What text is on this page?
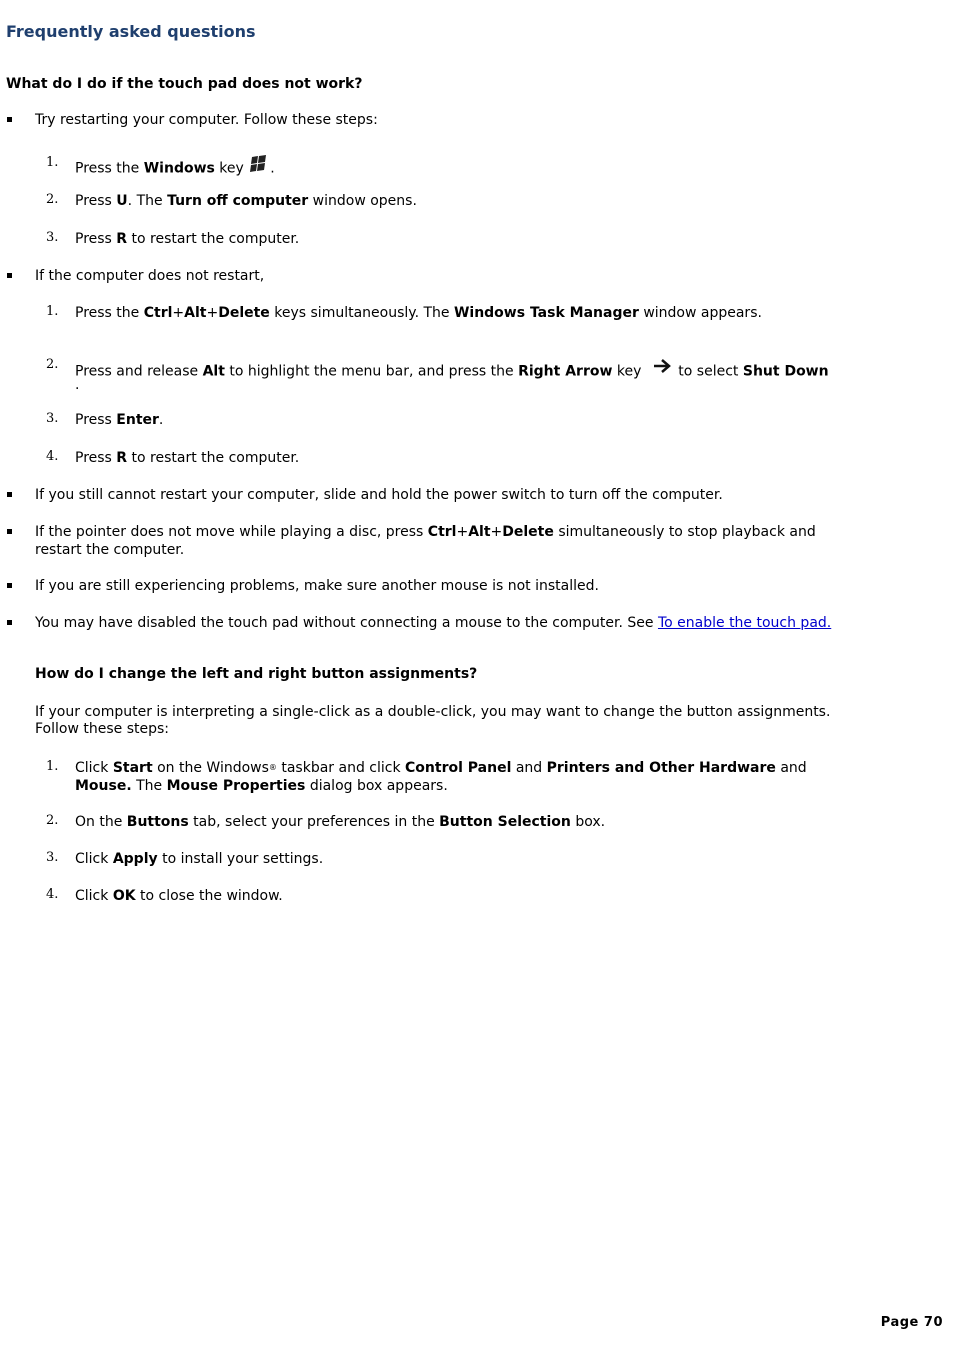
Frequently asked questions
What do I do if the touch pad does not work?
Try restarting your computer. Follow these steps:
1. Press the Windows key .
2. Press U. The Turn off computer window opens.
3. Press R to restart the computer.
If the computer does not restart,
1. Press the Ctrl+Alt+Delete keys simultaneously. The Windows Task Manager window appears.
2. Press and release Alt to highlight the menu bar, and press the Right Arrow key  to select Shut Down
.
3. Press Enter.
4. Press R to restart the computer.
If you still cannot restart your computer, slide and hold the power switch to turn off the computer.
If the pointer does not move while playing a disc, press Ctrl+Alt+Delete simultaneously to stop playback and
restart the computer.
If you are still experiencing problems, make sure another mouse is not installed.
You may have disabled the touch pad without connecting a mouse to the computer. See To enable the touch pad.
How do I change the left and right button assignments?
If your computer is interpreting a single-click as a double-click, you may want to change the button assignments.
Follow these steps:
1. Click Start on the Windows® taskbar and click Control Panel and Printers and Other Hardware and
Mouse. The Mouse Properties dialog box appears.
2. On the Buttons tab, select your preferences in the Button Selection box.
3. Click Apply to install your settings.
4. Click OK to close the window.
Page 70
